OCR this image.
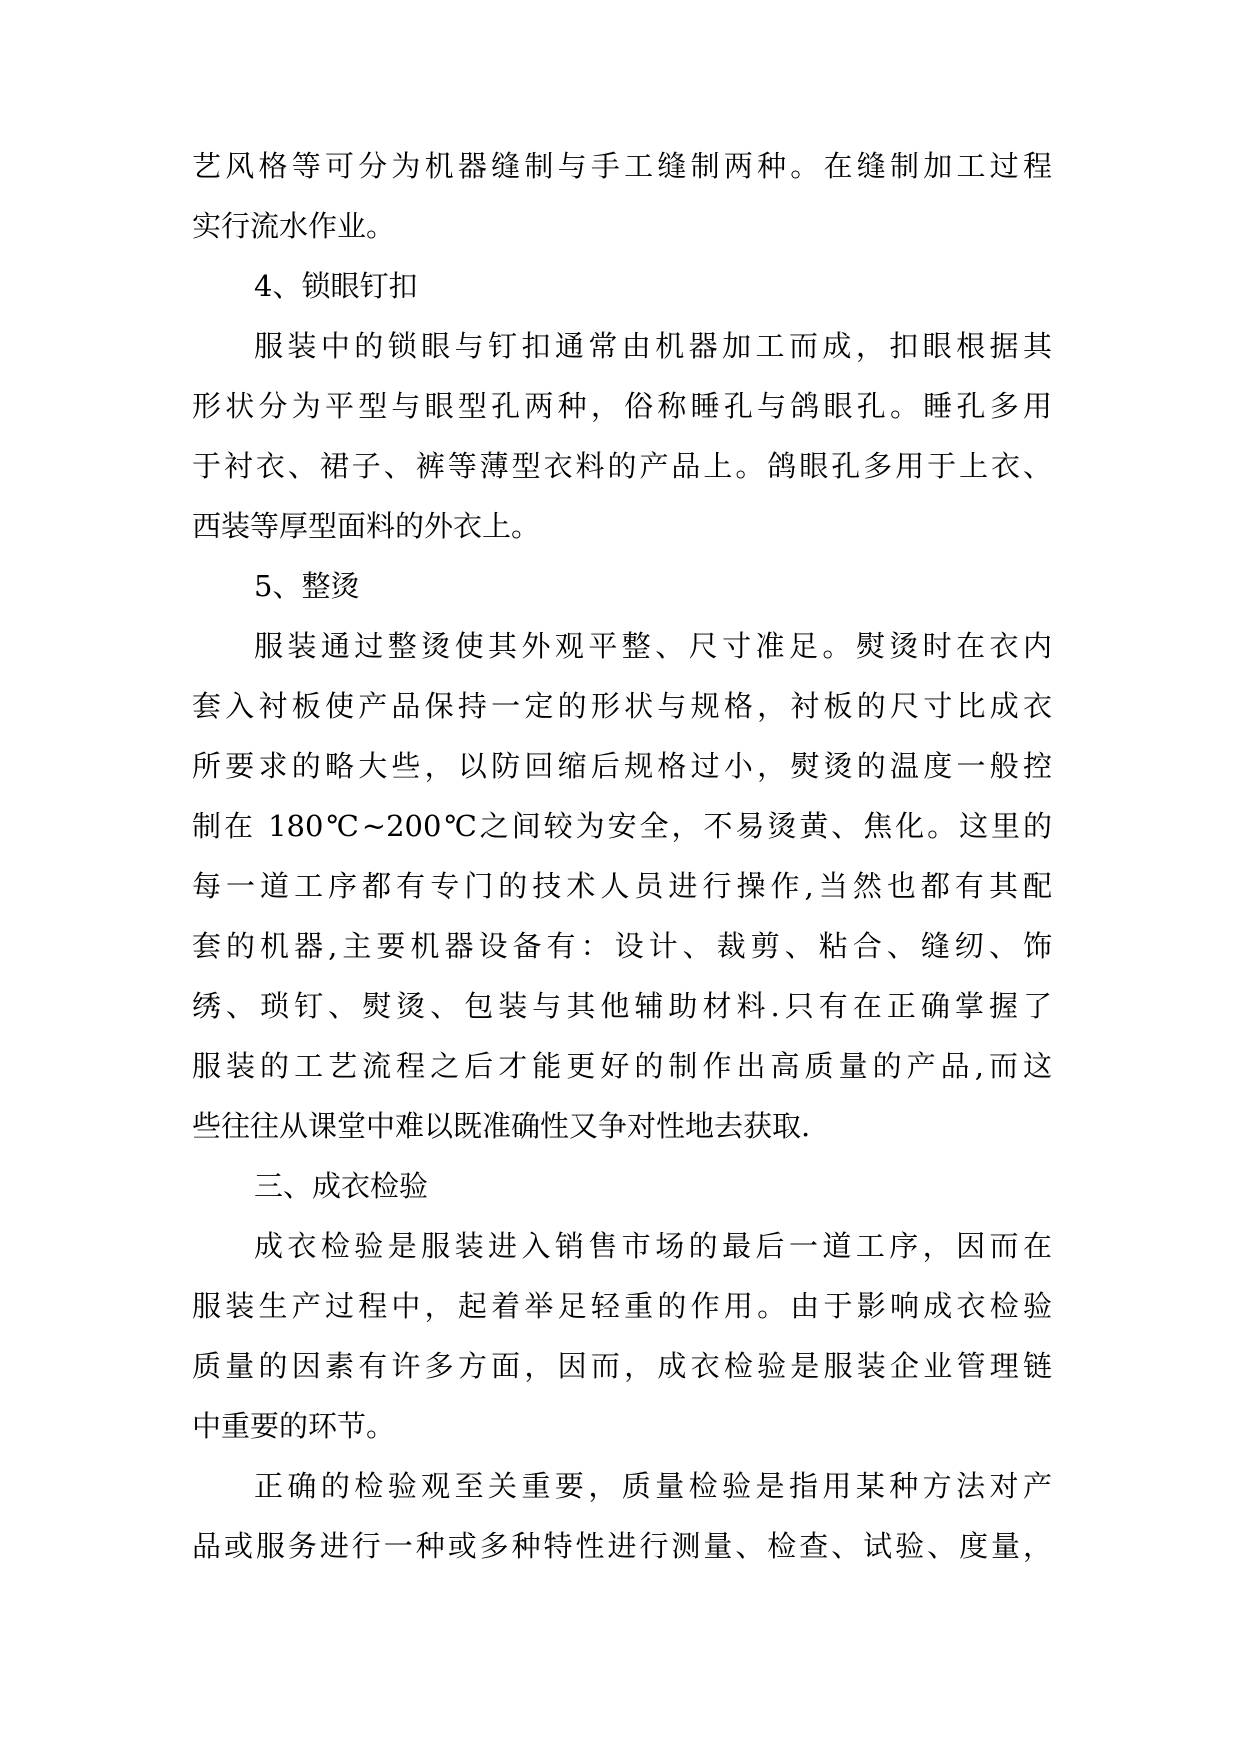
艺风格等可分为机器缝制与手工缝制两种。在缝制加工过程
实行流水作业。
4、锁眼钉扣
服装中的锁眼与钉扣通常由机器加工而成，扣眼根据其
形状分为平型与眼型孔两种，俗称睡孔与鸽眼孔。睡孔多用
于衬衣、裙子、裤等薄型衣料的产品上。鸽眼孔多用于上衣、
西装等厚型面料的外衣上。
5、整烫
服装通过整烫使其外观平整、尺寸准足。熨烫时在衣内
套入衬板使产品保持一定的形状与规格，衬板的尺寸比成衣
所要求的略大些，以防回缩后规格过小，熨烫的温度一般控
制在 180℃~200℃之间较为安全，不易烫黄、焦化。这里的
每一道工序都有专门的技术人员进行操作,当然也都有其配
套的机器,主要机器设备有：设计、裁剪、粘合、缝纫、饰
绣、琐钉、熨烫、包装与其他辅助材料.只有在正确掌握了
服装的工艺流程之后才能更好的制作出高质量的产品,而这
些往往从课堂中难以既准确性又争对性地去获取.
三、成衣检验
成衣检验是服装进入销售市场的最后一道工序，因而在
服装生产过程中，起着举足轻重的作用。由于影响成衣检验
质量的因素有许多方面，因而，成衣检验是服装企业管理链
中重要的环节。
正确的检验观至关重要，质量检验是指用某种方法对产
品或服务进行一种或多种特性进行测量、检查、试验、度量，
